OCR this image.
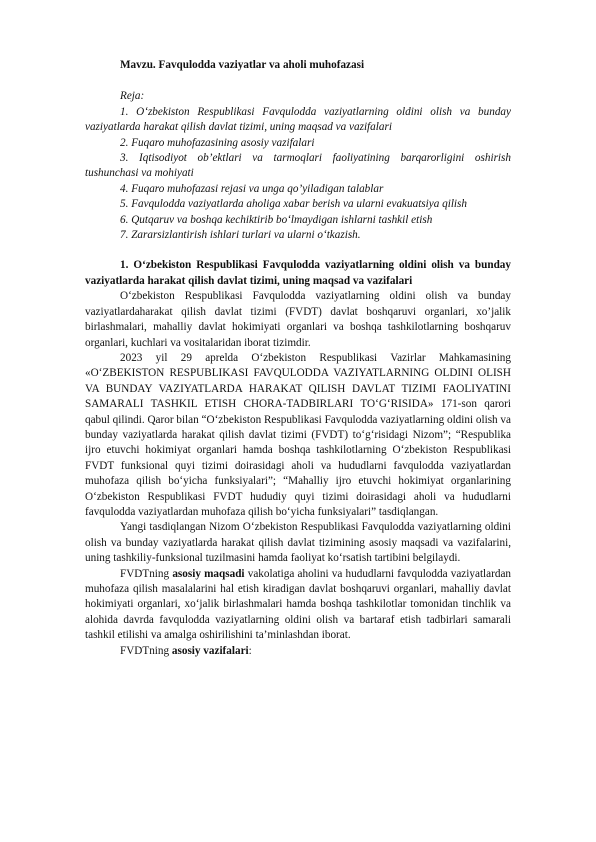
Mavzu. Favqulodda vaziyatlar va aholi muhofazasi

Reja:

1. O‘zbekiston Respublikasi Favqulodda vaziyatlarning oldini olish va bunday vaziyatlarda harakat qilish davlat tizimi, uning maqsad va vazifalari

2. Fuqaro muhofazasining asosiy vazifalari

3. Iqtisodiyot ob’ektlari va tarmoqlari faoliyatining barqarorligini oshirish tushunchasi va mohiyati

4. Fuqaro muhofazasi rejasi va unga qo’yiladigan talablar

5. Favqulodda vaziyatlarda aholiga xabar berish va ularni evakuatsiya qilish

6. Qutqaruv va boshqa kechiktirib bo‘lmaydigan ishlarni tashkil etish

7. Zararsizlantirish ishlari turlari va ularni o‘tkazish.

1. O‘zbekiston Respublikasi Favqulodda vaziyatlarning oldini olish va bunday vaziyatlarda harakat qilish davlat tizimi, uning maqsad va vazifalari

O‘zbekiston Respublikasi Favqulodda vaziyatlarning oldini olish va bunday vaziyatlardaharakat qilish davlat tizimi (FVDT) davlat boshqaruvi organlari, xo’jalik birlashmalari, mahalliy davlat hokimiyati organlari va boshqa tashkilotlarning boshqaruv organlari, kuchlari va vositalaridan iborat tizimdir.

2023 yil 29 aprelda O‘zbekiston Respublikasi Vazirlar Mahkamasining «O‘ZBEKISTON RESPUBLIKASI FAVQULODDA VAZIYATLARNING OLDINI OLISH VA BUNDAY VAZIYATLARDA HARAKAT QILISH DAVLAT TIZIMI FAOLIYATINI SAMARALI TASHKIL ETISH CHORA-TADBIRLARI TO‘G‘RISIDA» 171-son qarori qabul qilindi. Qaror bilan “O‘zbekiston Respublikasi Favqulodda vaziyatlarning oldini olish va bunday vaziyatlarda harakat qilish davlat tizimi (FVDT) to‘g‘risidagi Nizom”; “Respublika ijro etuvchi hokimiyat organlari hamda boshqa tashkilotlarning O‘zbekiston Respublikasi FVDT funksional quyi tizimi doirasidagi aholi va hududlarni favqulodda vaziyatlardan muhofaza qilish bo‘yicha funksiyalari”; “Mahalliy ijro etuvchi hokimiyat organlarining O‘zbekiston Respublikasi FVDT hududiy quyi tizimi doirasidagi aholi va hududlarni favqulodda vaziyatlardan muhofaza qilish bo‘yicha funksiyalari” tasdiqlangan.

Yangi tasdiqlangan Nizom O‘zbekiston Respublikasi Favqulodda vaziyatlarning oldini olish va bunday vaziyatlarda harakat qilish davlat tizimining asosiy maqsadi va vazifalarini, uning tashkiliy-funksional tuzilmasini hamda faoliyat ko‘rsatish tartibini belgilaydi.

FVDTning asosiy maqsadi vakolatiga aholini va hududlarni favqulodda vaziyatlardan muhofaza qilish masalalarini hal etish kiradigan davlat boshqaruvi organlari, mahalliy davlat hokimiyati organlari, xo‘jalik birlashmalari hamda boshqa tashkilotlar tomonidan tinchlik va alohida davrda favqulodda vaziyatlarning oldini olish va bartaraf etish tadbirlari samarali tashkil etilishi va amalga oshirilishini ta’minlashdan iborat.

FVDTning asosiy vazifalari:
